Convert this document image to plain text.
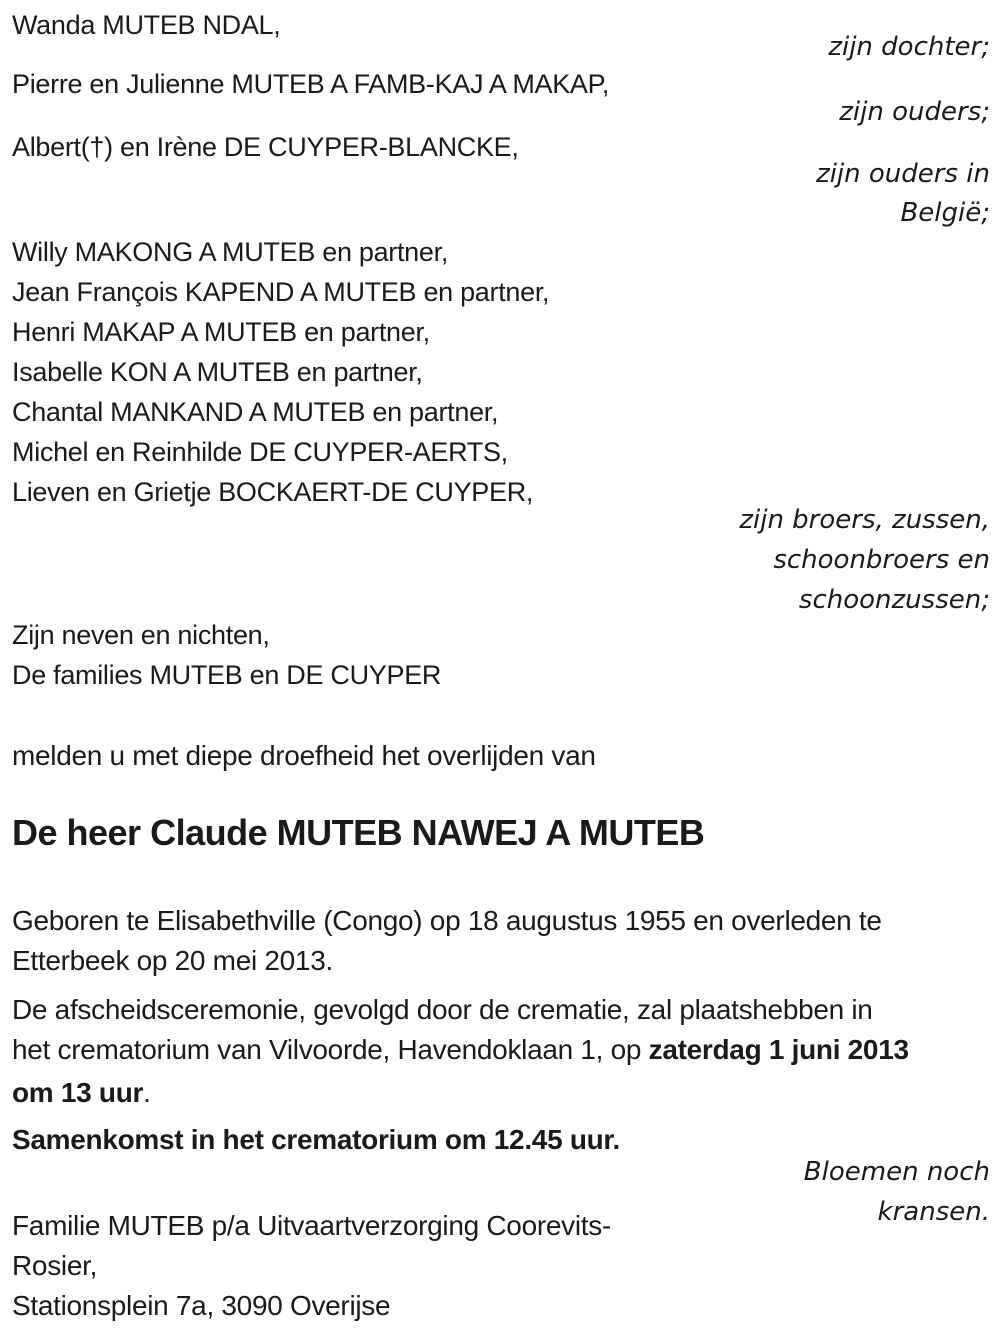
Wanda MUTEB NDAL,
zijn dochter;
Pierre en Julienne MUTEB A FAMB-KAJ A MAKAP,
zijn ouders;
Albert(†) en Irène DE CUYPER-BLANCKE,
zijn ouders in
België;
Willy MAKONG A MUTEB en partner,
Jean François KAPEND A MUTEB en partner,
Henri MAKAP A MUTEB en partner,
Isabelle KON A MUTEB en partner,
Chantal MANKAND A MUTEB en partner,
Michel en Reinhilde DE CUYPER-AERTS,
Lieven en Grietje BOCKAERT-DE CUYPER,
zijn broers, zussen,
schoonbroers en
schoonzussen;
Zijn neven en nichten,
De families MUTEB en DE CUYPER
melden u met diepe droefheid het overlijden van
De heer Claude MUTEB NAWEJ A MUTEB
Geboren te Elisabethville (Congo) op 18 augustus 1955 en overleden te
Etterbeek op 20 mei 2013.
De afscheidsceremonie, gevolgd door de crematie, zal plaatshebben in
het crematorium van Vilvoorde, Havendoklaan 1, op zaterdag 1 juni 2013
om 13 uur.
Samenkomst in het crematorium om 12.45 uur.
Bloemen noch
kransen.
Familie MUTEB p/a Uitvaartverzorging Coorevits-
Rosier,
Stationsplein 7a, 3090 Overijse
